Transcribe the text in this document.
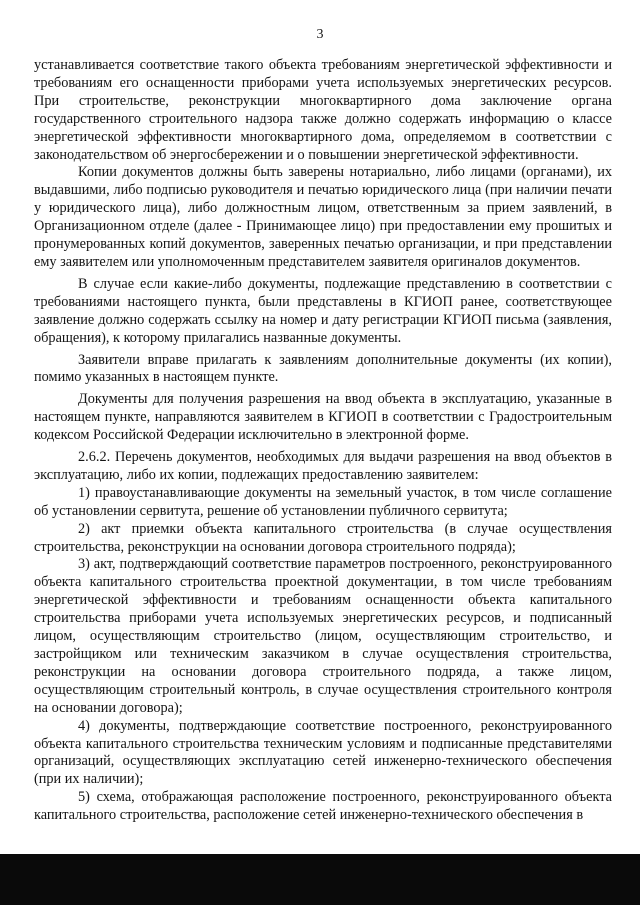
3

устанавливается соответствие такого объекта требованиям энергетической эффективности и требованиям его оснащенности приборами учета используемых энергетических ресурсов. При строительстве, реконструкции многоквартирного дома заключение органа государственного строительного надзора также должно содержать информацию о классе энергетической эффективности многоквартирного дома, определяемом в соответствии с законодательством об энергосбережении и о повышении энергетической эффективности.

Копии документов должны быть заверены нотариально, либо лицами (органами), их выдавшими, либо подписью руководителя и печатью юридического лица (при наличии печати у юридического лица), либо должностным лицом, ответственным за прием заявлений, в Организационном отделе (далее - Принимающее лицо) при предоставлении ему прошитых и пронумерованных копий документов, заверенных печатью организации, и при представлении ему заявителем или уполномоченным представителем заявителя оригиналов документов.

В случае если какие-либо документы, подлежащие представлению в соответствии с требованиями настоящего пункта, были представлены в КГИОП ранее, соответствующее заявление должно содержать ссылку на номер и дату регистрации КГИОП письма (заявления, обращения), к которому прилагались названные документы.

Заявители вправе прилагать к заявлениям дополнительные документы (их копии), помимо указанных в настоящем пункте.

Документы для получения разрешения на ввод объекта в эксплуатацию, указанные в настоящем пункте, направляются заявителем в КГИОП в соответствии с Градостроительным кодексом Российской Федерации исключительно в электронной форме.

2.6.2. Перечень документов, необходимых для выдачи разрешения на ввод объектов в эксплуатацию, либо их копии, подлежащих предоставлению заявителем:

1) правоустанавливающие документы на земельный участок, в том числе соглашение об установлении сервитута, решение об установлении публичного сервитута;

2) акт приемки объекта капитального строительства (в случае осуществления строительства, реконструкции на основании договора строительного подряда);

3) акт, подтверждающий соответствие параметров построенного, реконструированного объекта капитального строительства проектной документации, в том числе требованиям энергетической эффективности и требованиям оснащенности объекта капитального строительства приборами учета используемых энергетических ресурсов, и подписанный лицом, осуществляющим строительство (лицом, осуществляющим строительство, и застройщиком или техническим заказчиком в случае осуществления строительства, реконструкции на основании договора строительного подряда, а также лицом, осуществляющим строительный контроль, в случае осуществления строительного контроля на основании договора);

4) документы, подтверждающие соответствие построенного, реконструированного объекта капитального строительства техническим условиям и подписанные представителями организаций, осуществляющих эксплуатацию сетей инженерно-технического обеспечения (при их наличии);

5) схема, отображающая расположение построенного, реконструированного объекта капитального строительства, расположение сетей инженерно-технического обеспечения в
